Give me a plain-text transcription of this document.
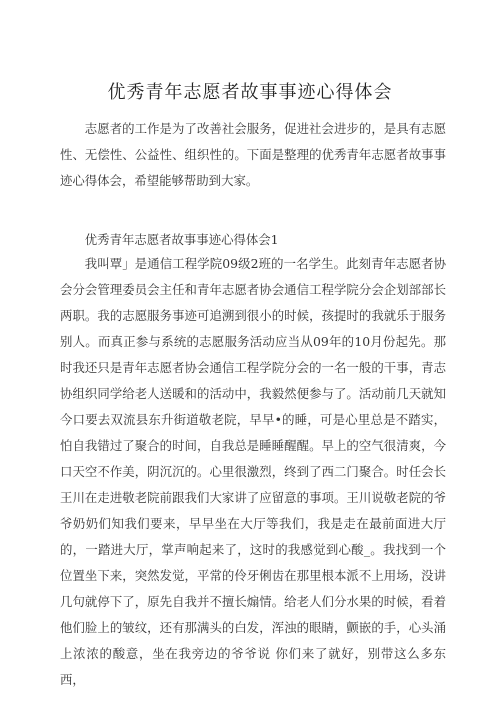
优秀青年志愿者故事事迹心得体会

志愿者的工作是为了改善社会服务，促进社会进步的，是具有志愿性、无偿性、公益性、组织性的。下面是整理的优秀青年志愿者故事事迹心得体会，希望能够帮助到大家。

优秀青年志愿者故事事迹心得体会1

我叫覃」是通信工程学院09级2班的一名学生。此刻青年志愿者协会分会管理委员会主任和青年志愿者协会通信工程学院分会企划部部长两职。我的志愿服务事迹可追溯到很小的时候，孩提时的我就乐于服务别人。而真正参与系统的志愿服务活动应当从09年的10月份起先。那时我还只是青年志愿者协会通信工程学院分会的一名一般的干事，青志协组织同学给老人送暖和的活动中，我毅然便参与了。活动前几天就知今口要去双流县东升街道敬老院，早早•的睡，可是心里总是不踏实，怕自我错过了聚合的时间，自我总是睡睡醒醒。早上的空气很清爽，今口天空不作美，阴沉沉的。心里很激烈，终到了西二门聚合。时任会长王川在走进敬老院前跟我们大家讲了应留意的事项。王川说敬老院的爷爷奶奶们知我们要来，早早坐在大厅等我们，我是走在最前面进大厅的，一踏进大厅，掌声响起来了，这时的我感觉到心酸_。我找到一个位置坐下来，突然发觉，平常的伶牙俐齿在那里根本派不上用场，没讲几句就停下了，原先自我并不擅长煽情。给老人们分水果的时候，看着他们脸上的皱纹，还有那满头的白发，浑浊的眼睛，颤嵌的手，心头涌上浓浓的酸意，坐在我旁边的爷爷说 你们来了就好，别带这么多东西，
